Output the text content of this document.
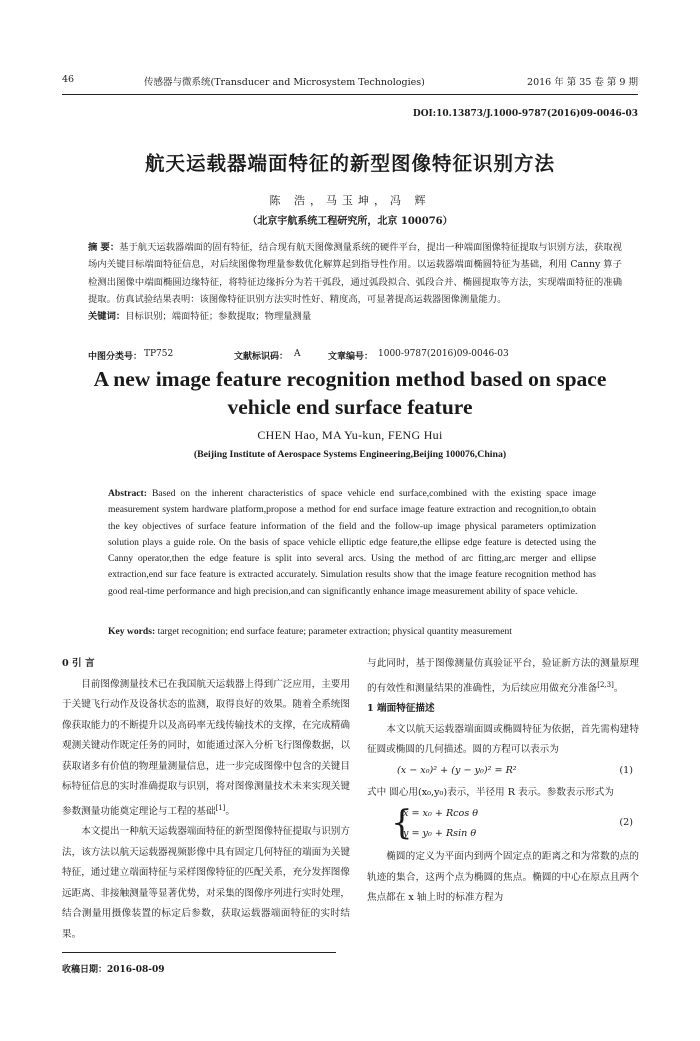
46	传感器与微系统(Transducer and Microsystem Technologies)	2016 年 第 35 卷 第 9 期
DOI:10.13873/J.1000-9787(2016)09-0046-03
航天运载器端面特征的新型图像特征识别方法
陈 浩，马玉坤，冯 辉
（北京宇航系统工程研究所，北京 100076）
摘 要：基于航天运载器端面的固有特征，结合现有航天图像测量系统的硬件平台，提出一种端面图像特征提取与识别方法，获取视场内关键目标端面特征信息，对后续图像物理量参数优化解算起到指导性作用。以运载器端面椭圆特征为基础，利用 Canny 算子检测出图像中端面椭圆边缘特征，将特征边缘拆分为若干弧段，通过弧段拟合、弧段合并、椭圆提取等方法，实现端面特征的准确提取。仿真试验结果表明：该图像特征识别方法实时性好、精度高，可显著提高运载器图像测量能力。
关键词：目标识别；端面特征；参数提取；物理量测量
中图分类号： TP752	文献标识码： A	文章编号： 1000-9787(2016)09-0046-03
A new image feature recognition method based on space vehicle end surface feature
CHEN Hao, MA Yu-kun, FENG Hui
(Beijing Institute of Aerospace Systems Engineering,Beijing 100076,China)
Abstract: Based on the inherent characteristics of space vehicle end surface,combined with the existing space image measurement system hardware platform,propose a method for end surface image feature extraction and recognition,to obtain the key objectives of surface feature information of the field and the follow-up image physical parameters optimization solution plays a guide role. On the basis of space vehicle elliptic edge feature,the ellipse edge feature is detected using the Canny operator,then the edge feature is split into several arcs. Using the method of arc fitting,arc merger and ellipse extraction,end sur face feature is extracted accurately. Simulation results show that the image feature recognition method has good real-time performance and high precision,and can significantly enhance image measurement ability of space vehicle.
Key words: target recognition; end surface feature; parameter extraction; physical quantity measurement
0 引 言
目前图像测量技术已在我国航天运载器上得到广泛应用，主要用于关键飞行动作及设备状态的监测，取得良好的效果。随着全系统图像获取能力的不断提升以及高码率无线传输技术的支撑，在完成精确观测关键动作既定任务的同时，如能通过深入分析飞行图像数据，以获取诸多有价值的物理量测量信息，进一步完成图像中包含的关键目标特征信息的实时准确提取与识别，将对图像测量技术未来实现关键参数测量功能奠定理论与工程的基础[1]。
本文提出一种航天运载器端面特征的新型图像特征提取与识别方法，该方法以航天运载器视频影像中具有固定几何特征的端面为关键特征，通过建立端面特征与采样图像特征的匹配关系，充分发挥图像远距离、非接触测量等显著优势，对采集的图像序列进行实时处理，结合测量用摄像装置的标定后参数，获取运载器端面特征的实时结果。
与此同时，基于图像测量仿真验证平台，验证新方法的测量原理的有效性和测量结果的准确性，为后续应用做充分准备[2,3]。
1 端面特征描述
本文以航天运载器端面圆或椭圆特征为依据，首先需构建特征圆或椭圆的几何描述。圆的方程可以表示为
(x − x₀)² + (y − y₀)² = R²	(1)
式中 圆心用(x₀,y₀)表示，半径用 R 表示。参数表示形式为
{
x = x₀ + Rcos θ
y = y₀ + Rsin θ
(2)
椭圆的定义为平面内到两个固定点的距离之和为常数的点的轨迹的集合，这两个点为椭圆的焦点。椭圆的中心在原点且两个焦点都在 x 轴上时的标准方程为
收稿日期：2016-08-09
